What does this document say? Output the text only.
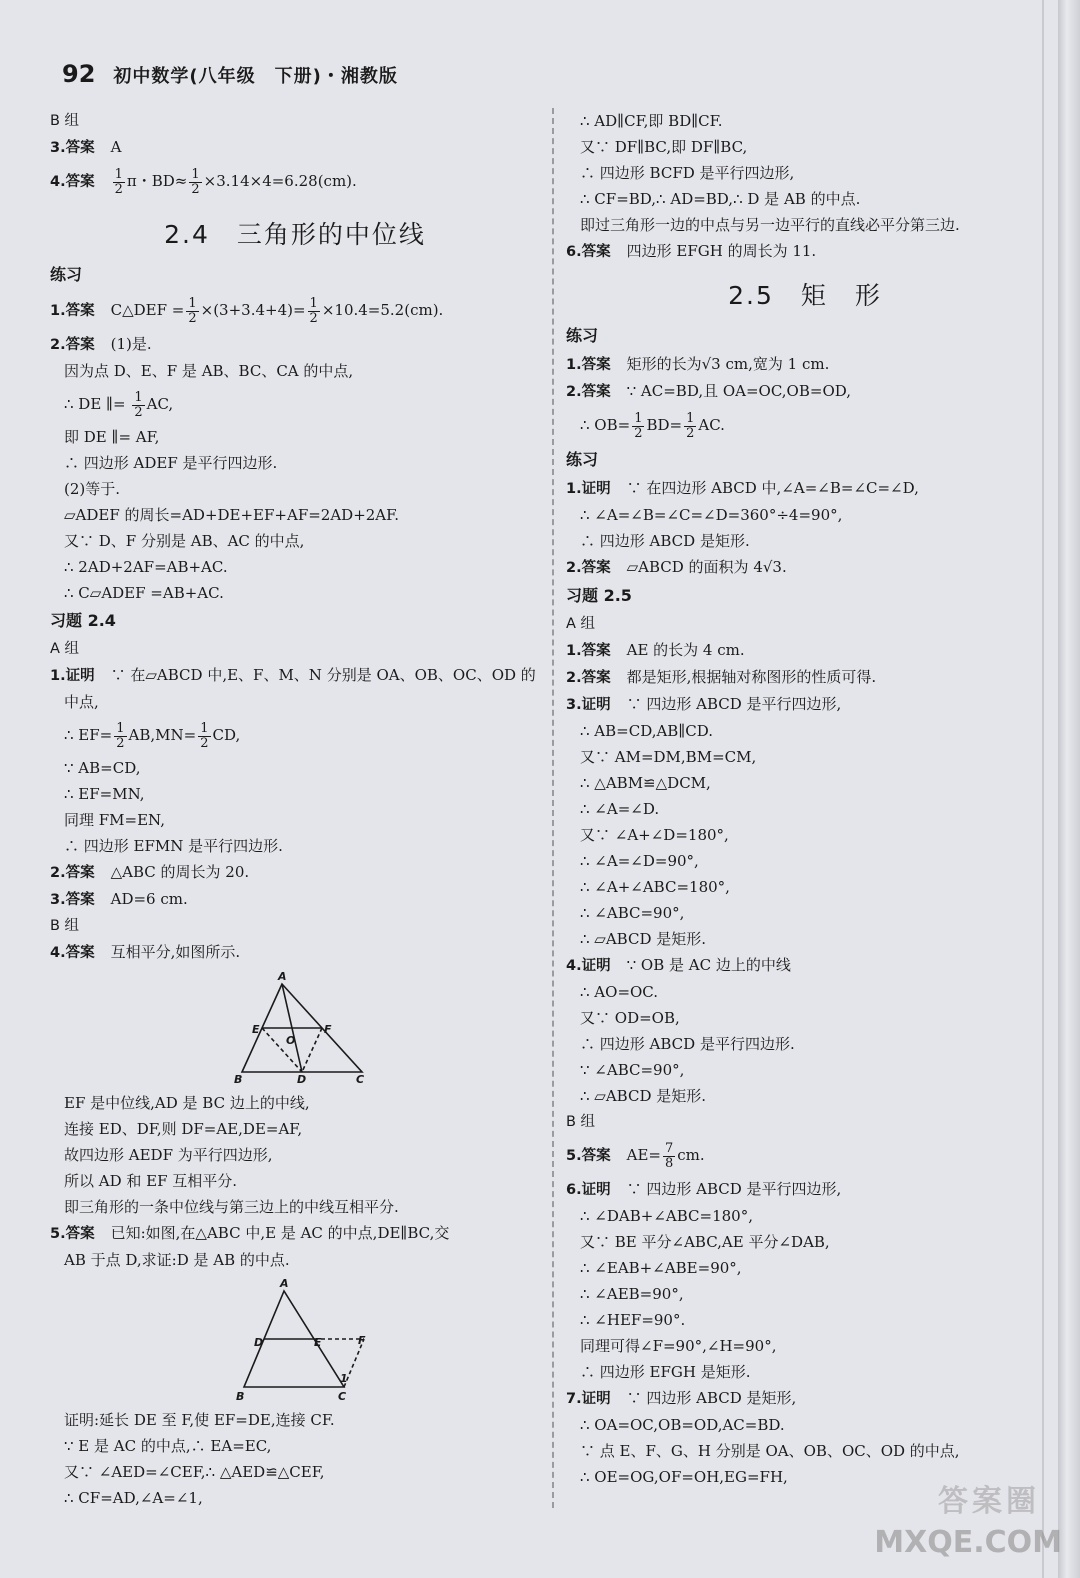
92 初中数学(八年级　下册)・湘教版
B 组
3.答案 A
4.答案 $\frac{1}{2}$ π・$BD\approx \frac{1}{2} \times 3.14\times 4=6.28(cm)$.
2.4　三角形的中位线
练习
1.答案 C△DEF = $\frac{1}{2} \times(3+3.4+4)= \frac{1}{2} \times 10.4=5.2(cm)$.
2.答案 (1)是.
因为点 D、E、F 是 AB、BC、CA 的中点,
∴ DE ∥= $\frac{1}{2}$ AC,
即 DE ∥= AF,
∴ 四边形 ADEF 是平行四边形.
(2)等于.
▱ADEF 的周长=AD+DE+EF+AF=2AD+2AF.
又∵ D、F 分别是 AB、AC 的中点,
∴ 2AD+2AF=AB+AC.
∴ C▱ADEF =AB+AC.
习题 2.4
A 组
1.证明 ∵ 在▱ABCD 中,E、F、M、N 分别是 OA、OB、OC、OD 的
中点,
∴ $EF= \frac{1}{2} AB,MN= \frac{1}{2}$ CD,
∵ AB=CD,
∴ EF=MN,
同理 FM=EN,
∴ 四边形 EFMN 是平行四边形.
2.答案 △ABC 的周长为 20.
3.答案 AD=6 cm.
B 组
4.答案 互相平分,如图所示.
A
B	C
D
E	F
O
EF 是中位线,AD 是 BC 边上的中线,
连接 ED、DF,则 DF=AE,DE=AF,
故四边形 AEDF 为平行四边形,
所以 AD 和 EF 互相平分.
即三角形的一条中位线与第三边上的中线互相平分.
5.答案 已知:如图,在△ABC 中,E 是 AC 的中点,DE∥BC,交
AB 于点 D,求证:D 是 AB 的中点.
A
B	C
D	E	F
1
证明:延长 DE 至 F,使 EF=DE,连接 CF.
∵ E 是 AC 的中点,∴ EA=EC,
又∵ ∠AED=∠CEF,∴ △AED≌△CEF,
∴ CF=AD,∠A=∠1,
∴ AD∥CF,即 BD∥CF.
又∵ DF∥BC,即 DF∥BC,
∴ 四边形 BCFD 是平行四边形,
∴ CF=BD,∴ AD=BD,∴ D 是 AB 的中点.
即过三角形一边的中点与另一边平行的直线必平分第三边.
6.答案 四边形 EFGH 的周长为 11.
2.5　矩　形
练习
1.答案 矩形的长为√3 cm,宽为 1 cm.
2.答案 ∵ AC=BD,且 OA=OC,OB=OD,
∴ $OB= \frac{1}{2} BD= \frac{1}{2}$ AC.
练习
1.证明 ∵ 在四边形 ABCD 中,∠A=∠B=∠C=∠D,
∴ ∠A=∠B=∠C=∠D=360°÷4=90°,
∴ 四边形 ABCD 是矩形.
2.答案 ▱ABCD 的面积为 4√3.
习题 2.5
A 组
1.答案 AE 的长为 4 cm.
2.答案 都是矩形,根据轴对称图形的性质可得.
3.证明 ∵ 四边形 ABCD 是平行四边形,
∴ AB=CD,AB∥CD.
又∵ AM=DM,BM=CM,
∴ △ABM≌△DCM,
∴ ∠A=∠D.
又∵ ∠A+∠D=180°,
∴ ∠A=∠D=90°,
∴ ∠A+∠ABC=180°,
∴ ∠ABC=90°,
∴ ▱ABCD 是矩形.
4.证明 ∵ OB 是 AC 边上的中线
∴ AO=OC.
又∵ OD=OB,
∴ 四边形 ABCD 是平行四边形.
∵ ∠ABC=90°,
∴ ▱ABCD 是矩形.
B 组
5.答案 $AE= \frac{7}{8}$ cm.
6.证明 ∵ 四边形 ABCD 是平行四边形,
∴ ∠DAB+∠ABC=180°,
又∵ BE 平分∠ABC,AE 平分∠DAB,
∴ ∠EAB+∠ABE=90°,
∴ ∠AEB=90°,
∴ ∠HEF=90°.
同理可得∠F=90°,∠H=90°,
∴ 四边形 EFGH 是矩形.
7.证明 ∵ 四边形 ABCD 是矩形,
∴ OA=OC,OB=OD,AC=BD.
∵ 点 E、F、G、H 分别是 OA、OB、OC、OD 的中点,
∴ OE=OG,OF=OH,EG=FH,
答案圈
MXQE.COM
